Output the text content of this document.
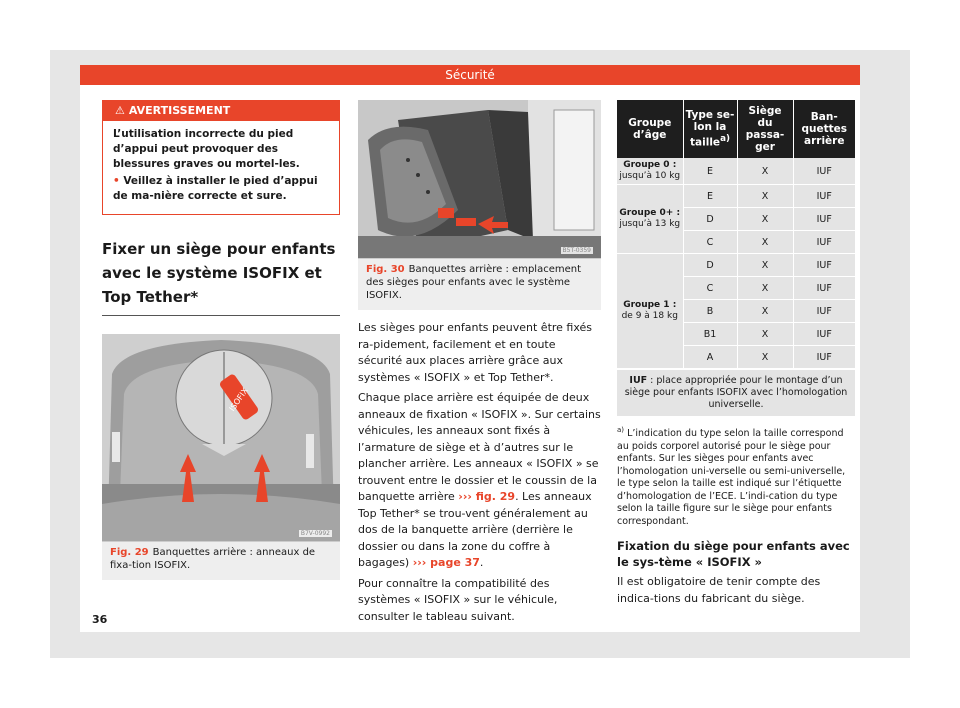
Sécurité
⚠ AVERTISSEMENT

L’utilisation incorrecte du pied d’appui peut provoquer des blessures graves ou mortel-les.

• Veillez à installer le pied d’appui de ma-nière correcte et sure.

Fixer un siège pour enfants avec le système ISOFIX et Top Tether*
ISOFIX
B7V-0992
Fig. 29 Banquettes arrière : anneaux de fixa-tion ISOFIX.
B5T-0359
Fig. 30 Banquettes arrière : emplacement des sièges pour enfants avec le système ISOFIX.

Les sièges pour enfants peuvent être fixés ra-pidement, facilement et en toute sécurité aux places arrière grâce aux systèmes « ISOFIX » et Top Tether*.

Chaque place arrière est équipée de deux anneaux de fixation « ISOFIX ». Sur certains véhicules, les anneaux sont fixés à l’armature de siège et à d’autres sur le plancher arrière. Les anneaux « ISOFIX » se trouvent entre le dossier et le coussin de la banquette arrière ››› fig. 29. Les anneaux Top Tether* se trou-vent généralement au dos de la banquette arrière (derrière le dossier ou dans la zone du coffre à bagages) ››› page 37.

Pour connaître la compatibilité des systèmes « ISOFIX » sur le véhicule, consulter le tableau suivant.

Groupe d’âge	Type se-lon la taille$^{a)}$	Siège du passa-ger	Ban-quettes arrière
Groupe 0 :
jusqu’à 10 kg	E	X	IUF
Groupe 0+ :
jusqu’à 13 kg	E	X	IUF
	D	X	IUF
	C	X	IUF
Groupe 1 :
de 9 à 18 kg	D	X	IUF
	C	X	IUF
	B	X	IUF
	B1	X	IUF
	A	X	IUF
IUF : place appropriée pour le montage d’un siège pour enfants ISOFIX avec l’homologation universelle.
$^{a)}$ L’indication du type selon la taille correspond au poids corporel autorisé pour le siège pour enfants. Sur les sièges pour enfants avec l’homologation uni-verselle ou semi-universelle, le type selon la taille est indiqué sur l’étiquette d’homologation de l’ECE. L’indi-cation du type selon la taille figure sur le siège pour enfants correspondant.
Fixation du siège pour enfants avec le sys-tème « ISOFIX »
Il est obligatoire de tenir compte des indica-tions du fabricant du siège.
36
